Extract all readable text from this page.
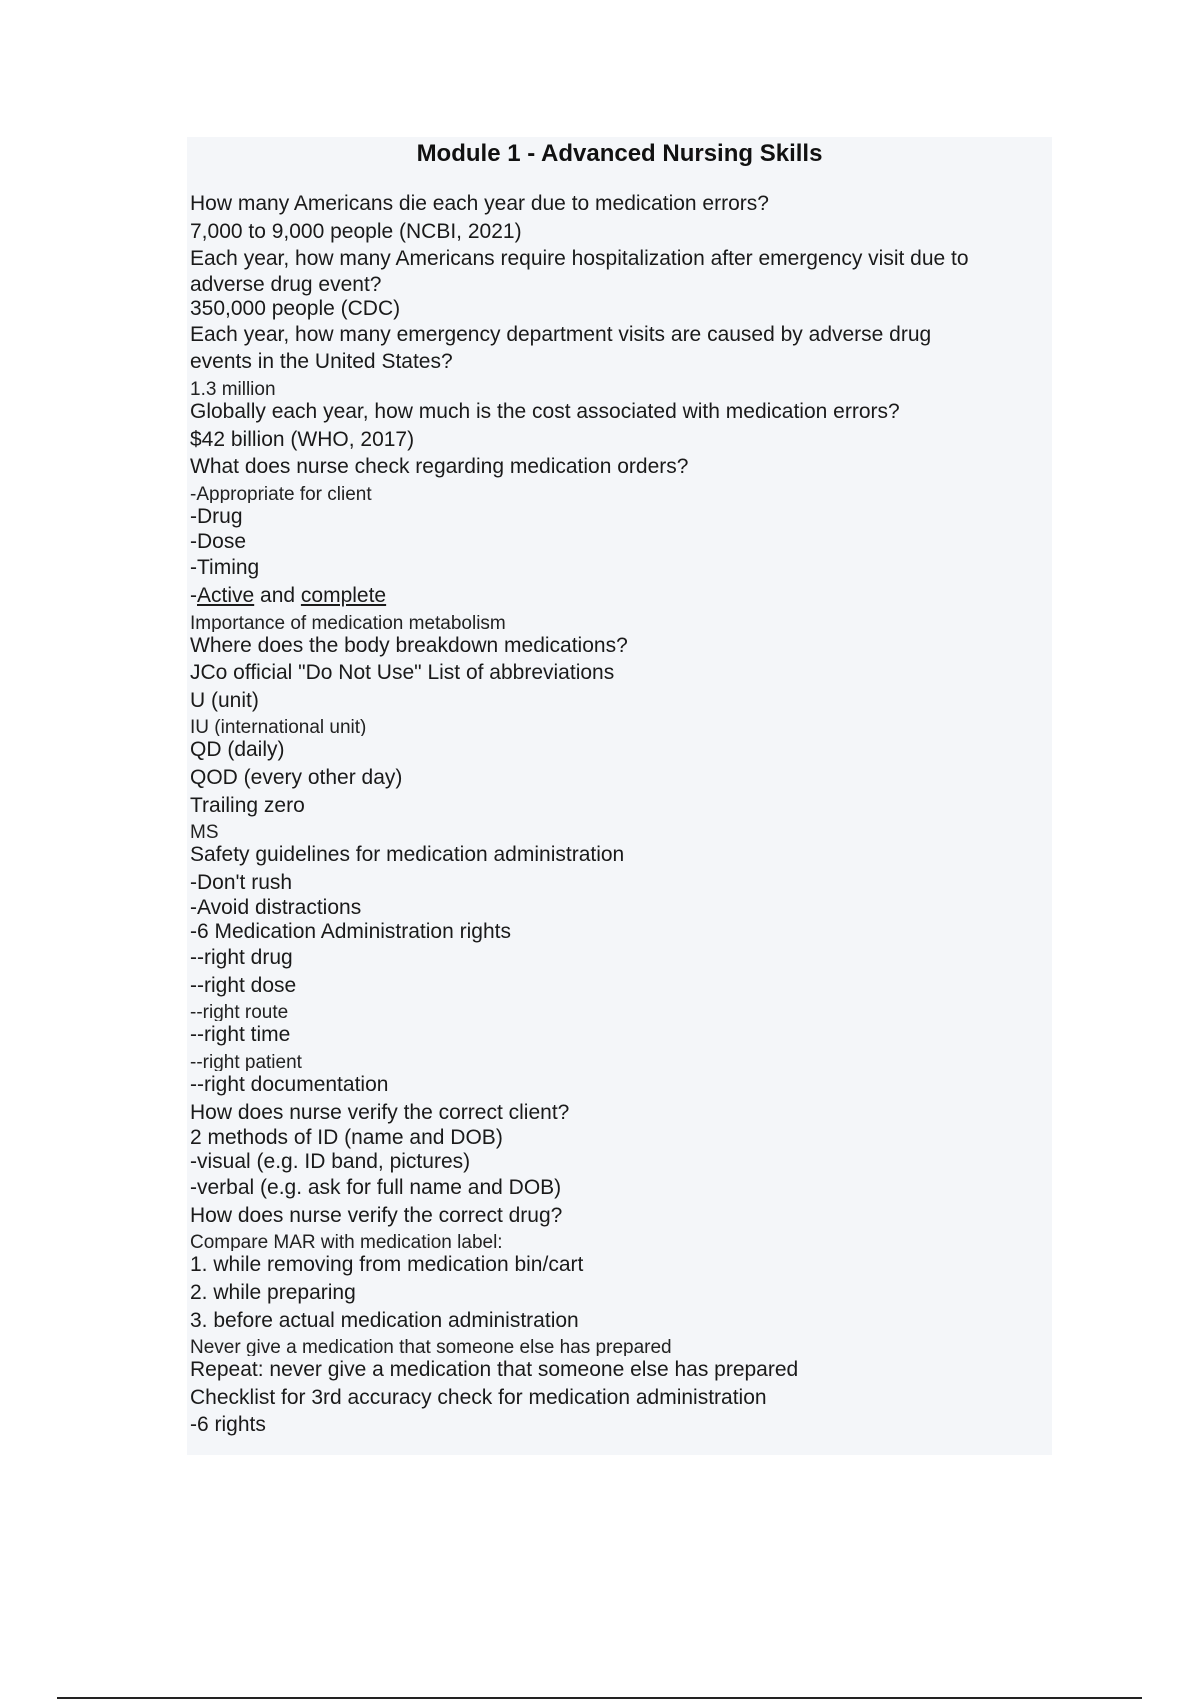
Module 1 - Advanced Nursing Skills
How many Americans die each year due to medication errors?
7,000 to 9,000 people (NCBI, 2021)
Each year, how many Americans require hospitalization after emergency visit due to
adverse drug event?
350,000 people (CDC)
Each year, how many emergency department visits are caused by adverse drug
events in the United States?
1.3 million
Globally each year, how much is the cost associated with medication errors?
$42 billion (WHO, 2017)
What does nurse check regarding medication orders?
-Appropriate for client
-Drug
-Dose
-Timing
-Active and complete
Importance of medication metabolism
Where does the body breakdown medications?
JCo official "Do Not Use" List of abbreviations
U (unit)
IU (international unit)
QD (daily)
QOD (every other day)
Trailing zero
MS
Safety guidelines for medication administration
-Don't rush
-Avoid distractions
-6 Medication Administration rights
--right drug
--right dose
--right route
--right time
--right patient
--right documentation
How does nurse verify the correct client?
2 methods of ID (name and DOB)
-visual (e.g. ID band, pictures)
-verbal (e.g. ask for full name and DOB)
How does nurse verify the correct drug?
Compare MAR with medication label:
1. while removing from medication bin/cart
2. while preparing
3. before actual medication administration
Never give a medication that someone else has prepared
Repeat: never give a medication that someone else has prepared
Checklist for 3rd accuracy check for medication administration
-6 rights
